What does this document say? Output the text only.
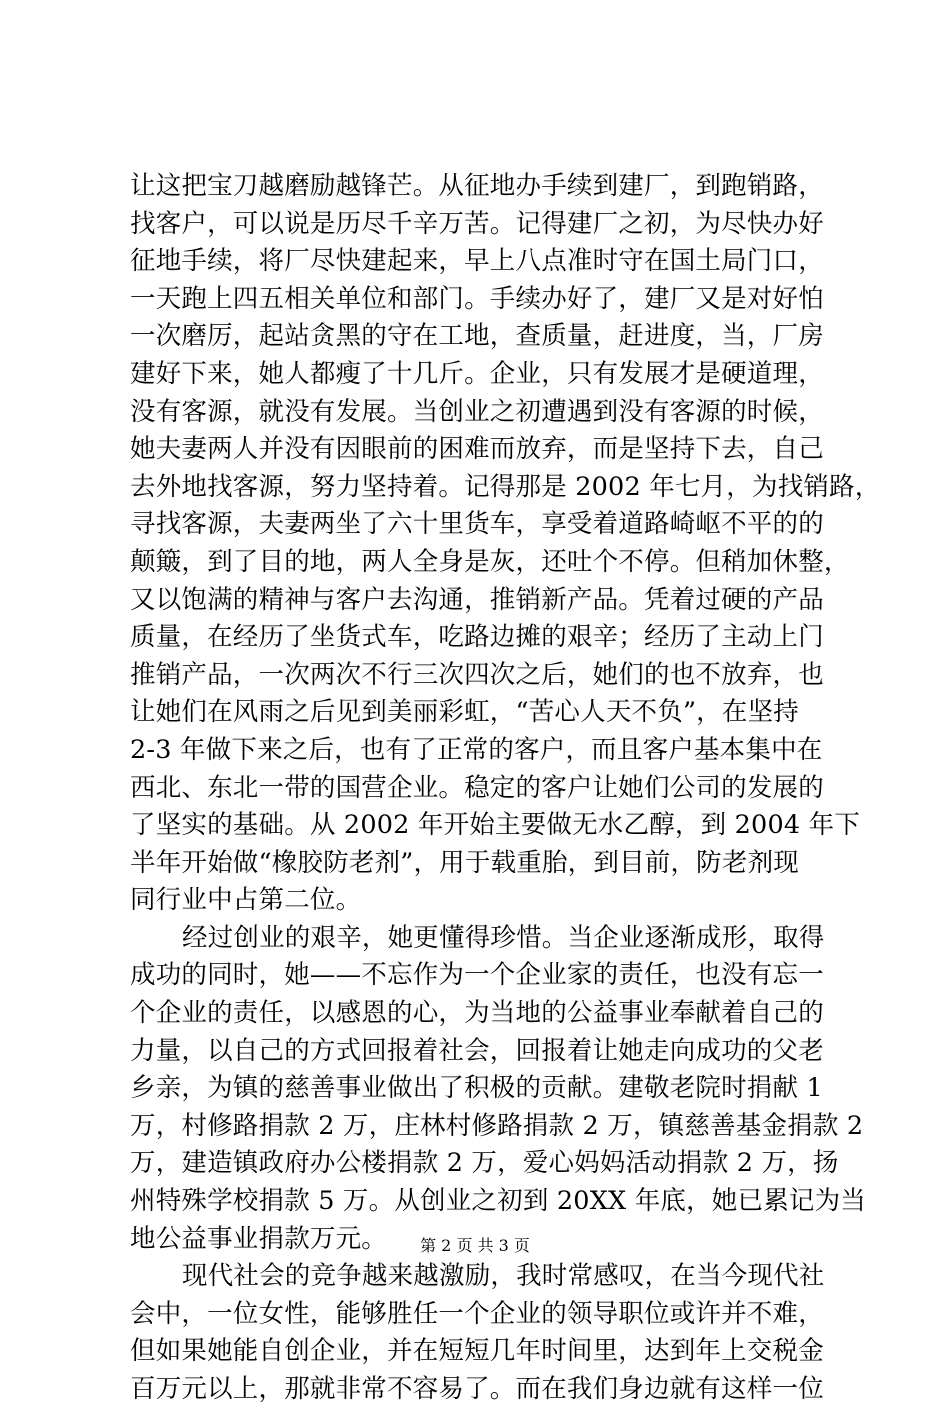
让这把宝刀越磨励越锋芒。从征地办手续到建厂，到跑销路，
找客户，可以说是历尽千辛万苦。记得建厂之初，为尽快办好
征地手续，将厂尽快建起来，早上八点准时守在国土局门口，
一天跑上四五相关单位和部门。手续办好了，建厂又是对好怕
一次磨厉，起站贪黑的守在工地，查质量，赶进度，当，厂房
建好下来，她人都瘦了十几斤。企业，只有发展才是硬道理，
没有客源，就没有发展。当创业之初遭遇到没有客源的时候，
她夫妻两人并没有因眼前的困难而放弃，而是坚持下去，自己
去外地找客源，努力坚持着。记得那是 2002 年七月，为找销路，
寻找客源，夫妻两坐了六十里货车，享受着道路崎岖不平的的
颠簸，到了目的地，两人全身是灰，还吐个不停。但稍加休整，
又以饱满的精神与客户去沟通，推销新产品。凭着过硬的产品
质量，在经历了坐货式车，吃路边摊的艰辛；经历了主动上门
推销产品，一次两次不行三次四次之后，她们的也不放弃，也
让她们在风雨之后见到美丽彩虹，“苦心人天不负”，在坚持
2-3 年做下来之后，也有了正常的客户，而且客户基本集中在
西北、东北一带的国营企业。稳定的客户让她们公司的发展的
了坚实的基础。从 2002 年开始主要做无水乙醇，到 2004 年下
半年开始做“橡胶防老剂”，用于载重胎，到目前，防老剂现
同行业中占第二位。
经过创业的艰辛，她更懂得珍惜。当企业逐渐成形，取得
成功的同时，她——不忘作为一个企业家的责任，也没有忘一
个企业的责任，以感恩的心，为当地的公益事业奉献着自己的
力量，以自己的方式回报着社会，回报着让她走向成功的父老
乡亲，为镇的慈善事业做出了积极的贡献。建敬老院时捐献 1
万，村修路捐款 2 万，庄林村修路捐款 2 万，镇慈善基金捐款 2
万，建造镇政府办公楼捐款 2 万，爱心妈妈活动捐款 2 万，扬
州特殊学校捐款 5 万。从创业之初到 20XX 年底，她已累记为当
地公益事业捐款万元。
现代社会的竞争越来越激励，我时常感叹，在当今现代社
会中，一位女性，能够胜任一个企业的领导职位或许并不难，
但如果她能自创企业，并在短短几年时间里，达到年上交税金
百万元以上，那就非常不容易了。而在我们身边就有这样一位
第 2 页 共 3 页
